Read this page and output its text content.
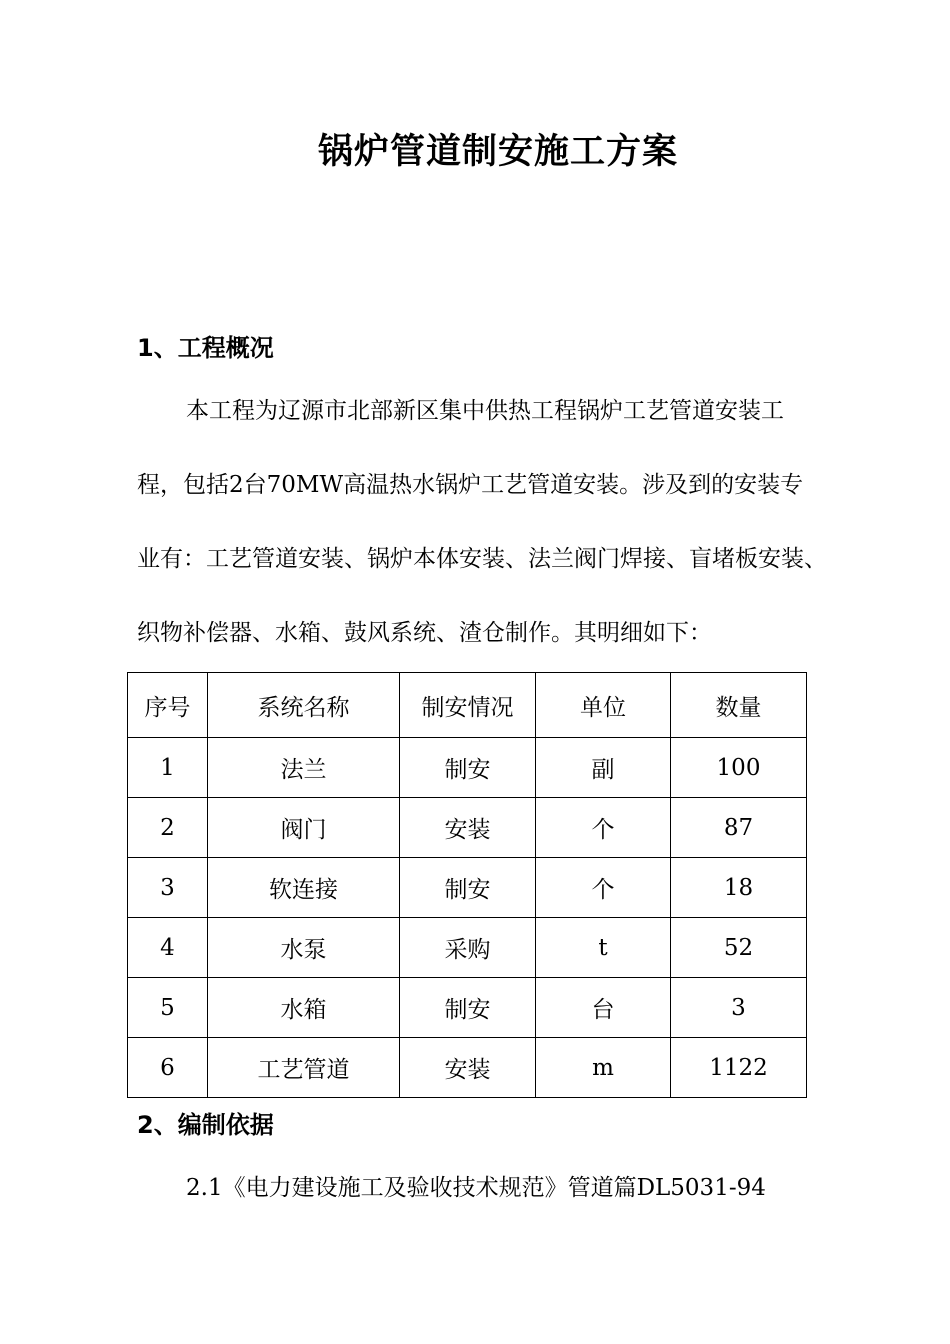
锅炉管道制安施工方案
1、工程概况
本工程为辽源市北部新区集中供热工程锅炉工艺管道安装工
程，包括2台70MW高温热水锅炉工艺管道安装。涉及到的安装专
业有：工艺管道安装、锅炉本体安装、法兰阀门焊接、盲堵板安装、
织物补偿器、水箱、鼓风系统、渣仓制作。其明细如下：
序号	系统名称	制安情况	单位	数量
1	法兰	制安	副	100
2	阀门	安装	个	87
3	软连接	制安	个	18
4	水泵	采购	t	52
5	水箱	制安	台	3
6	工艺管道	安装	m	1122
2、编制依据
2.1《电力建设施工及验收技术规范》管道篇DL5031-94
